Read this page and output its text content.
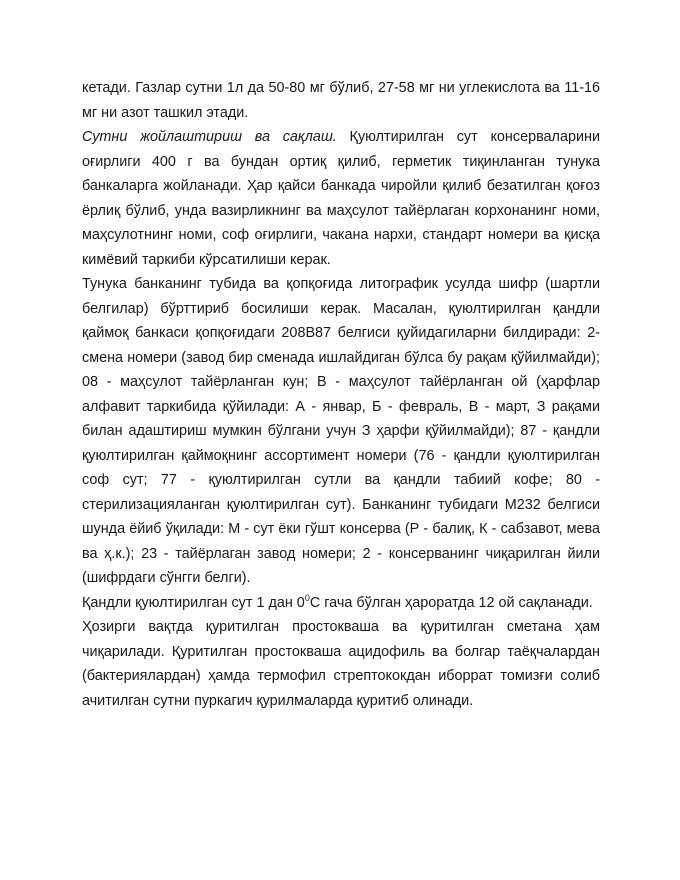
кетади. Газлар сутни 1л да 50-80 мг бўлиб, 27-58 мг ни углекислота ва 11-16 мг ни азот ташкил этади.

Сутни жойлаштириш ва сақлаш. Қуюлтирилган сут консерваларини оғирлиги 400 г ва бундан ортиқ қилиб, герметик тиқинланган тунука банкаларга жойланади. Ҳар қайси банкада чиройли қилиб безатилган қоғоз ёрлиқ бўлиб, унда вазирликнинг ва маҳсулот тайёрлаган корхонанинг номи, маҳсулотнинг номи, соф оғирлиги, чакана нархи, стандарт номери ва қисқа кимёвий таркиби кўрсатилиши керак.

Тунука банканинг тубида ва қопқоғида литографик усулда шифр (шартли белгилар) бўрттириб босилиши керак. Масалан, қуюлтирилган қандли қаймоқ банкаси қопқоғидаги 208В87 белгиси қуйидагиларни билдиради: 2- смена номери (завод бир сменада ишлайдиган бўлса бу рақам қўйилмайди); 08 - маҳсулот тайёрланган кун; В - маҳсулот тайёрланган ой (ҳарфлар алфавит таркибида қўйилади: А - январ, Б - февраль, В - март, З рақами билан адаштириш мумкин бўлгани учун З ҳарфи қўйилмайди); 87 - қандли қуюлтирилган қаймоқнинг ассортимент номери (76 - қандли қуюлтирилган соф сут; 77 - қуюлтирилган сутли ва қандли табиий кофе; 80 - стерилизацияланган қуюлтирилган сут). Банканинг тубидаги М232 белгиси шунда ёйиб ўқилади: М - сут ёки гўшт консерва (Р - балиқ, К - сабзавот, мева ва ҳ.к.); 23 - тайёрлаган завод номери; 2 - консерванинг чиқарилган йили (шифрдаги сўнгги белги).

Қандли қуюлтирилган сут 1 дан $0^0С$ гача бўлган ҳароратда 12 ой сақланади.

Ҳозирги вақтда қуритилган простокваша ва қуритилган сметана ҳам чиқарилади. Қуритилган простокваша ацидофиль ва болгар таёқчалардан (бактериялардан) ҳамда термофил стрептококдан иборрат томизғи солиб ачитилган сутни пуркагич қурилмаларда қуритиб олинади.
